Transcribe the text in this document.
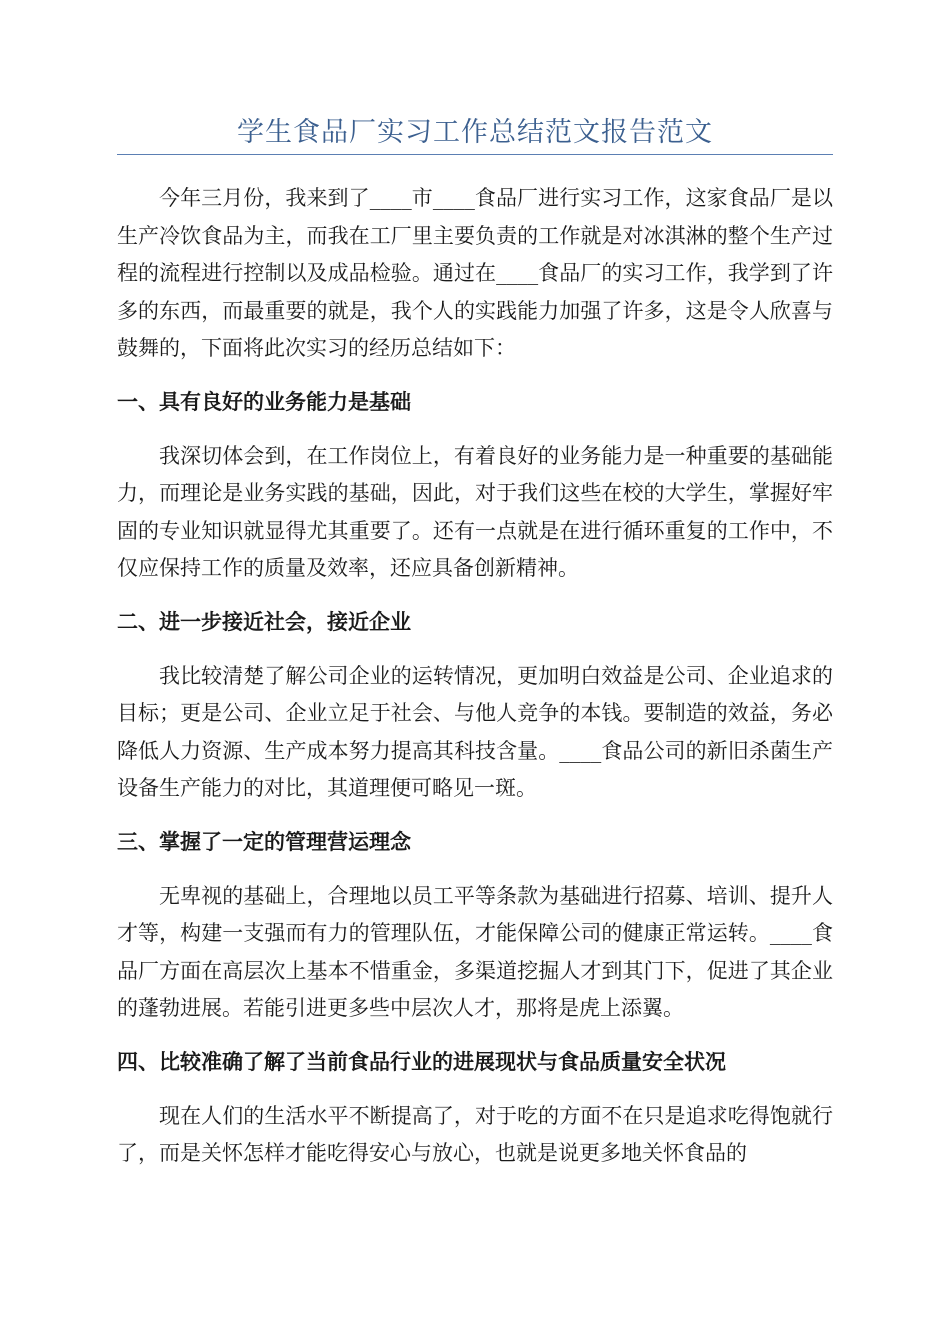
学生食品厂实习工作总结范文报告范文

今年三月份，我来到了____市____食品厂进行实习工作，这家食品厂是以生产冷饮食品为主，而我在工厂里主要负责的工作就是对冰淇淋的整个生产过程的流程进行控制以及成品检验。通过在____食品厂的实习工作，我学到了许多的东西，而最重要的就是，我个人的实践能力加强了许多，这是令人欣喜与鼓舞的，下面将此次实习的经历总结如下：

一、具有良好的业务能力是基础

我深切体会到，在工作岗位上，有着良好的业务能力是一种重要的基础能力，而理论是业务实践的基础，因此，对于我们这些在校的大学生，掌握好牢固的专业知识就显得尤其重要了。还有一点就是在进行循环重复的工作中，不仅应保持工作的质量及效率，还应具备创新精神。

二、进一步接近社会，接近企业

我比较清楚了解公司企业的运转情况，更加明白效益是公司、企业追求的目标；更是公司、企业立足于社会、与他人竞争的本钱。要制造的效益，务必降低人力资源、生产成本努力提高其科技含量。____食品公司的新旧杀菌生产设备生产能力的对比，其道理便可略见一斑。

三、掌握了一定的管理营运理念

无卑视的基础上，合理地以员工平等条款为基础进行招募、培训、提升人才等，构建一支强而有力的管理队伍，才能保障公司的健康正常运转。____食品厂方面在高层次上基本不惜重金，多渠道挖掘人才到其门下，促进了其企业的蓬勃进展。若能引进更多些中层次人才，那将是虎上添翼。

四、比较准确了解了当前食品行业的进展现状与食品质量安全状况

现在人们的生活水平不断提高了，对于吃的方面不在只是追求吃得饱就行了，而是关怀怎样才能吃得安心与放心，也就是说更多地关怀食品的
